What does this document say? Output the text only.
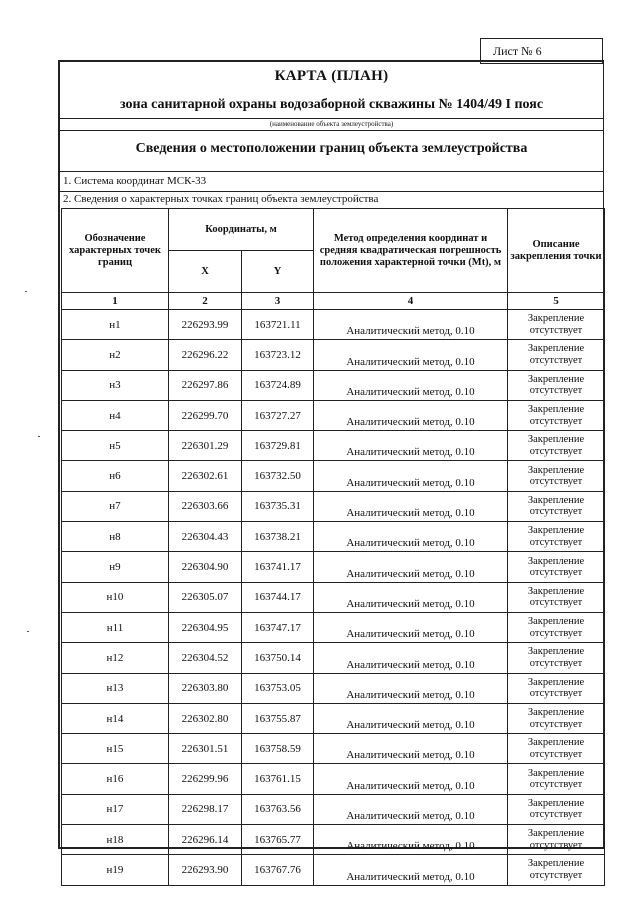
Лист № 6
КАРТА (ПЛАН)
зона санитарной охраны водозаборной скважины № 1404/49 I пояс
(наименование объекта землеустройства)
Сведения о местоположении границ объекта землеустройства
1. Система координат МСК-33
2. Сведения о характерных точках границ объекта землеустройства
Обозначение характерных точек границ	Координаты, м		Метод определения координат и средняя квадратическая погрешность положения характерной точки (Mt), м	Описание закрепления точки
	X	Y		
1	2	3	4	5
н1	226293.99	163721.11	Аналитический метод, 0.10	Закрепление отсутствует
н2	226296.22	163723.12	Аналитический метод, 0.10	Закрепление отсутствует
н3	226297.86	163724.89	Аналитический метод, 0.10	Закрепление отсутствует
н4	226299.70	163727.27	Аналитический метод, 0.10	Закрепление отсутствует
н5	226301.29	163729.81	Аналитический метод, 0.10	Закрепление отсутствует
н6	226302.61	163732.50	Аналитический метод, 0.10	Закрепление отсутствует
н7	226303.66	163735.31	Аналитический метод, 0.10	Закрепление отсутствует
н8	226304.43	163738.21	Аналитический метод, 0.10	Закрепление отсутствует
н9	226304.90	163741.17	Аналитический метод, 0.10	Закрепление отсутствует
н10	226305.07	163744.17	Аналитический метод, 0.10	Закрепление отсутствует
н11	226304.95	163747.17	Аналитический метод, 0.10	Закрепление отсутствует
н12	226304.52	163750.14	Аналитический метод, 0.10	Закрепление отсутствует
н13	226303.80	163753.05	Аналитический метод, 0.10	Закрепление отсутствует
н14	226302.80	163755.87	Аналитический метод, 0.10	Закрепление отсутствует
н15	226301.51	163758.59	Аналитический метод, 0.10	Закрепление отсутствует
н16	226299.96	163761.15	Аналитический метод, 0.10	Закрепление отсутствует
н17	226298.17	163763.56	Аналитический метод, 0.10	Закрепление отсутствует
н18	226296.14	163765.77	Аналитический метод, 0.10	Закрепление отсутствует
н19	226293.90	163767.76	Аналитический метод, 0.10	Закрепление отсутствует
